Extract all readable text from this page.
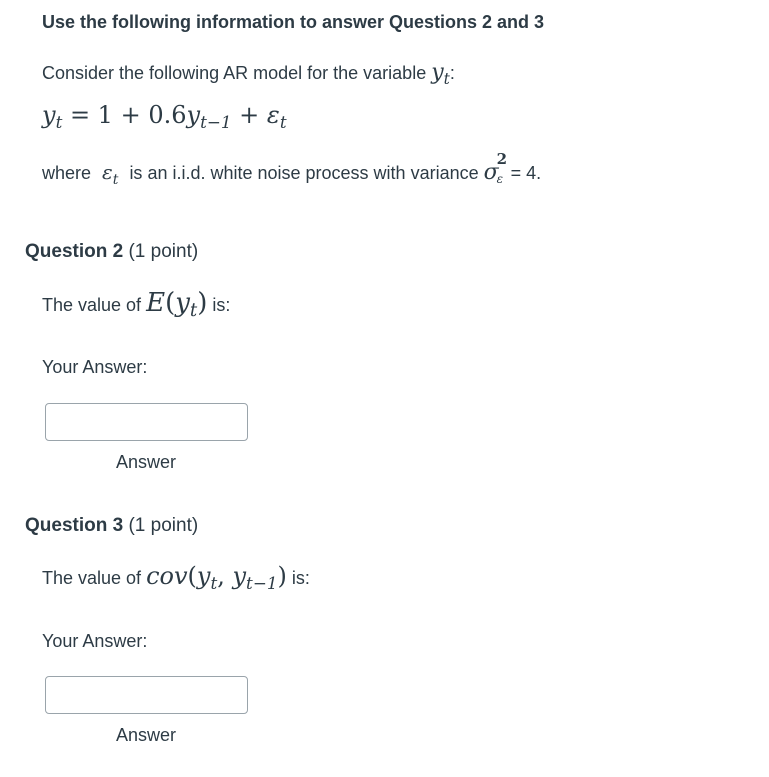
Use the following information to answer Questions 2 and 3
Consider the following AR model for the variable $y_t$:
$y_t = 1 + 0.6y_{t-1} + \varepsilon_t$
where $\varepsilon_t$ is an i.i.d. white noise process with variance σ
2
ε = 4.
Question 2 (1 point)
The value of $E(y_t)$ is:
Your Answer:
Answer
Question 3 (1 point)
The value of $cov(y_t$, $y_{t-1}$) is:
Your Answer:
Answer
